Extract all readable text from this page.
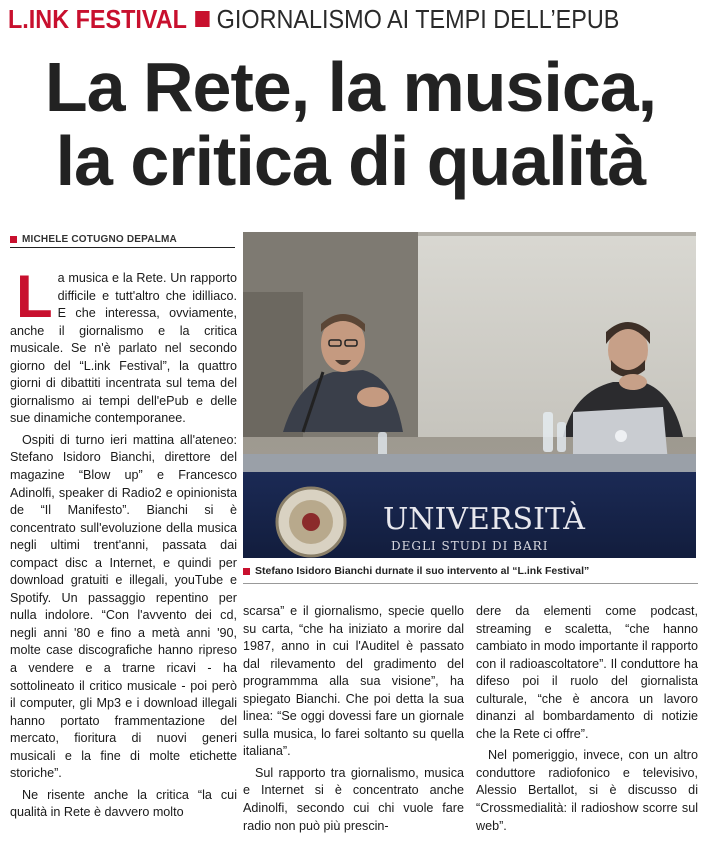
L.INK FESTIVAL GIORNALISMO AI TEMPI DELL’EPUB
La Rete, la musica,
la critica di qualità
MICHELE COTUGNO DEPALMA

La musica e la Rete. Un rapporto difficile e tutt'altro che idilliaco. E che interessa, ovviamente, anche il giornalismo e la critica musicale. Se n'è parlato nel secondo giorno del “L.ink Festival”, la quattro giorni di dibattiti incentrata sul tema del giornalismo ai tempi dell'ePub e delle sue dinamiche contemporanee.

Ospiti di turno ieri mattina all'ateneo: Stefano Isidoro Bianchi, direttore del magazine “Blow up” e Francesco Adinolfi, speaker di Radio2 e opinionista de “Il Manifesto”. Bianchi si è concentrato sull'evoluzione della musica negli ultimi trent'anni, passata dai compact disc a Internet, e quindi per download gratuiti e illegali, youTube e Spotify. Un passaggio repentino per nulla indolore. “Con l'avvento dei cd, negli anni '80 e fino a metà anni '90, molte case discografiche hanno ripreso a vendere e a trarne ricavi - ha sottolineato il critico musicale - poi però il computer, gli Mp3 e i download illegali hanno portato frammentazione del mercato, fioritura di nuovi generi musicali e la fine di molte etichette storiche”.

Ne risente anche la critica “la cui qualità in Rete è davvero molto

UNIVERSITÀ
DEGLI STUDI DI BARI
Stefano Isidoro Bianchi durnate il suo intervento al “L.ink Festival”

scarsa” e il giornalismo, specie quello su carta, “che ha iniziato a morire dal 1987, anno in cui l'Auditel è passato dal rilevamento del gradimento del programmma alla sua visione”, ha spiegato Bianchi. Che poi detta la sua linea: “Se oggi dovessi fare un giornale sulla musica, lo farei soltanto su quella italiana”.

Sul rapporto tra giornalismo, musica e Internet si è concentrato anche Adinolfi, secondo cui chi vuole fare radio non può più prescin-

dere da elementi come podcast, streaming e scaletta, “che hanno cambiato in modo importante il rapporto con il radioascoltatore”. Il conduttore ha difeso poi il ruolo del giornalista culturale, “che è ancora un lavoro dinanzi al bombardamento di notizie che la Rete ci offre”.

Nel pomeriggio, invece, con un altro conduttore radiofonico e televisivo, Alessio Bertallot, si è discusso di “Crossmedialità: il radioshow scorre sul web”.
